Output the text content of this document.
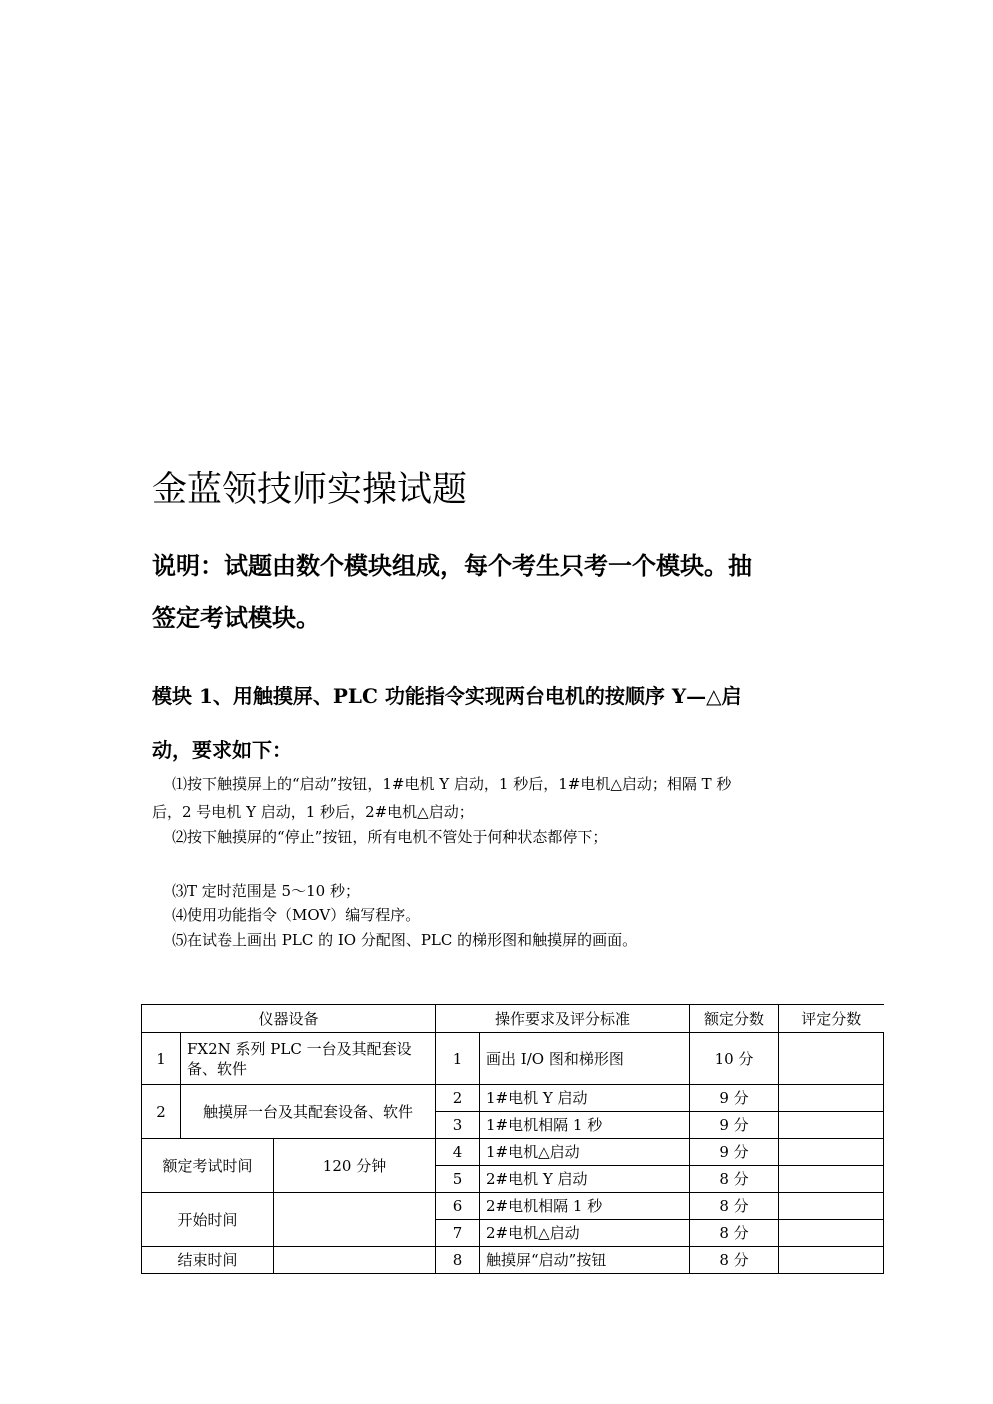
金蓝领技师实操试题
说明：试题由数个模块组成，每个考生只考一个模块。抽
签定考试模块。
模块 1、用触摸屏、PLC 功能指令实现两台电机的按顺序 Y—△启
动，要求如下：
⑴按下触摸屏上的“启动”按钮，1#电机 Y 启动，1 秒后，1#电机△启动；相隔 T 秒
后，2 号电机 Y 启动，1 秒后，2#电机△启动；
⑵按下触摸屏的“停止”按钮，所有电机不管处于何种状态都停下；
⑶T 定时范围是 5～10 秒；
⑷使用功能指令（MOV）编写程序。
⑸在试卷上画出 PLC 的 IO 分配图、PLC 的梯形图和触摸屏的画面。
仪器设备			操作要求及评分标准		额定分数	评定分数
1	FX2N 系列 PLC 一台及其配套设备、软件		1	画出 I/O 图和梯形图	10 分	
2	触摸屏一台及其配套设备、软件		2	1#电机 Y 启动	9 分	
			3	1#电机相隔 1 秒	9 分	
额定考试时间		120 分钟	4	1#电机△启动	9 分	
			5	2#电机 Y 启动	8 分	
开始时间			6	2#电机相隔 1 秒	8 分	
			7	2#电机△启动	8 分	
结束时间			8	触摸屏“启动”按钮	8 分	
